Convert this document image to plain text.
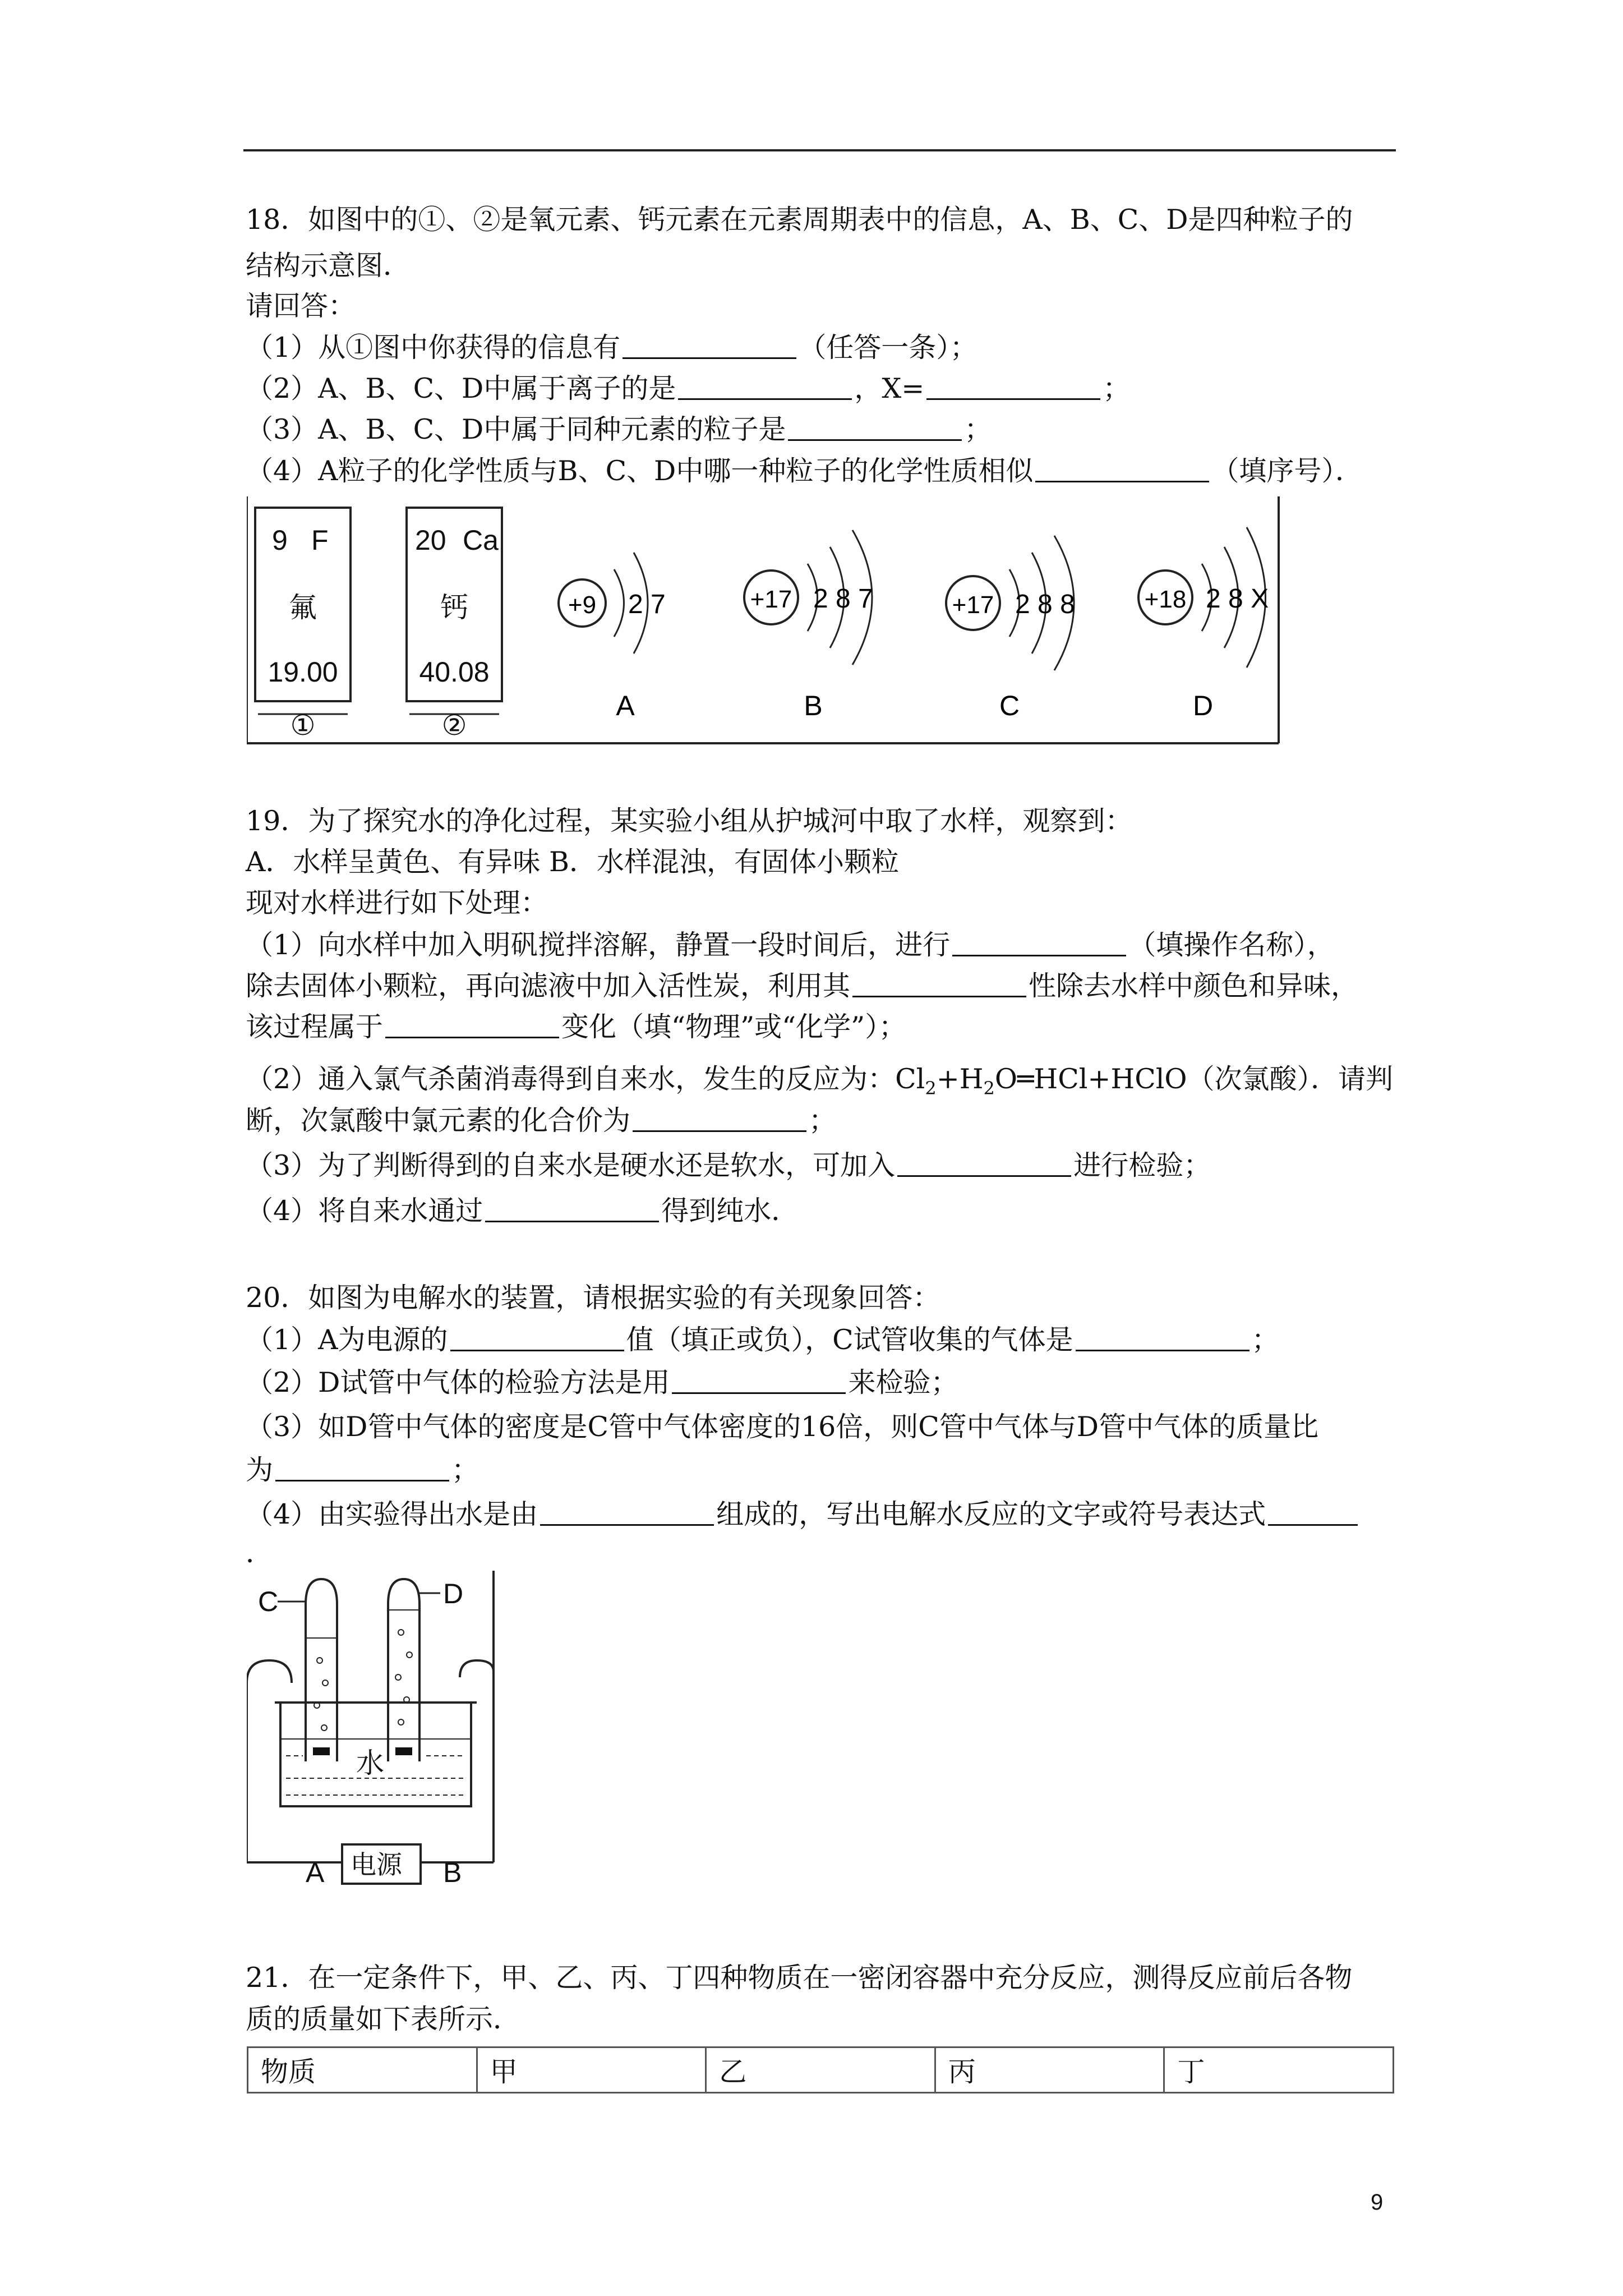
18．如图中的①、②是氧元素、钙元素在元素周期表中的信息，A、B、C、D是四种粒子的
结构示意图．
请回答：
（1）从①图中你获得的信息有	（任答一条）；
（2）A、B、C、D中属于离子的是	，X=	；
（3）A、B、C、D中属于同种元素的粒子是	；
（4）A粒子的化学性质与B、C、D中哪一种粒子的化学性质相似	（填序号）．
9 F
氟
19.00
①
20 Ca
钙
40.08
②
+9 2 7
A
+17 2 8 7
B
+17 2 8 8
C
+18 2 8 X
D
19．为了探究水的净化过程，某实验小组从护城河中取了水样，观察到：
A．水样呈黄色、有异味 B．水样混浊，有固体小颗粒
现对水样进行如下处理：
（1）向水样中加入明矾搅拌溶解，静置一段时间后，进行	（填操作名称），
除去固体小颗粒，再向滤液中加入活性炭，利用其	性除去水样中颜色和异味，
该过程属于	变化（填“物理”或“化学”）；
（2）通入氯气杀菌消毒得到自来水，发生的反应为：$Cl_2+H_2O═HCl+HClO$（次氯酸）．请判
断，次氯酸中氯元素的化合价为	；
（3）为了判断得到的自来水是硬水还是软水，可加入	进行检验；
（4）将自来水通过	得到纯水．
20．如图为电解水的装置，请根据实验的有关现象回答：
（1）A为电源的	值（填正或负），C试管收集的气体是	；
（2）D试管中气体的检验方法是用	来检验；
（3）如D管中气体的密度是C管中气体密度的16倍，则C管中气体与D管中气体的质量比
为	；
（4）由实验得出水是由	组成的，写出电解水反应的文字或符号表达式
．
C	D
水
电源
A	B
21．在一定条件下，甲、乙、丙、丁四种物质在一密闭容器中充分反应，测得反应前后各物
质的质量如下表所示．
物质	甲	乙	丙	丁
9
